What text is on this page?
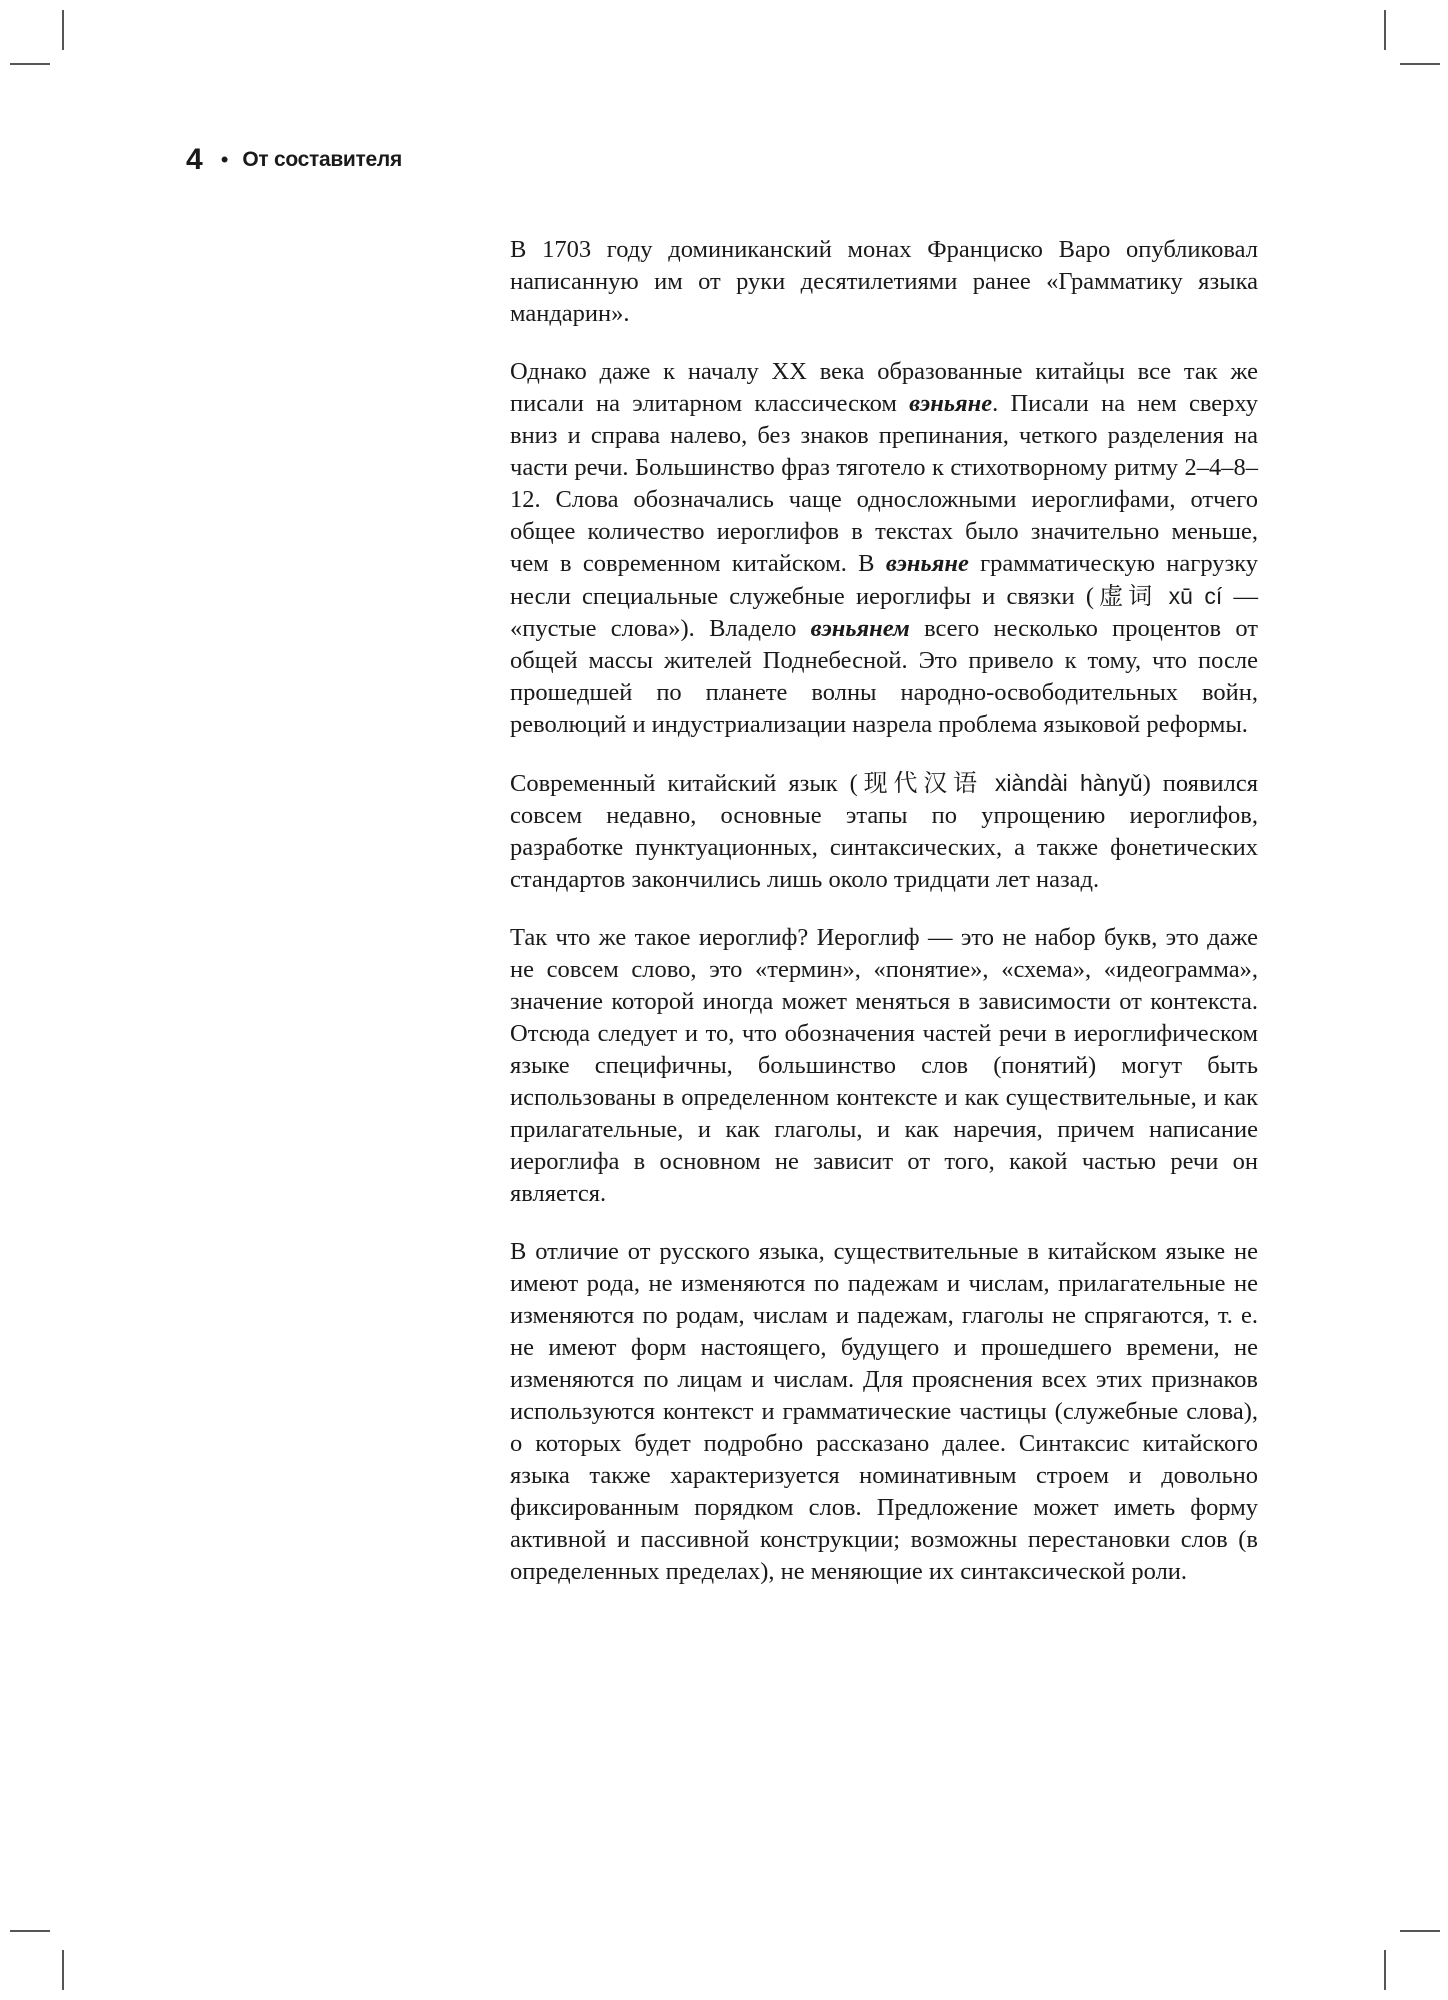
4 • От составителя

В 1703 году доминиканский монах Франциско Варо опубликовал написанную им от руки десятилетиями ранее «Грамматику языка мандарин».

Однако даже к началу XX века образованные китайцы все так же писали на элитарном классическом вэньяне. Писали на нем сверху вниз и справа налево, без знаков препинания, четкого разделения на части речи. Большинство фраз тяготело к стихотворному ритму 2–4–8–12. Слова обозначались чаще односложными иероглифами, отчего общее количество иероглифов в текстах было значительно меньше, чем в современном китайском. В вэньяне грамматическую нагрузку несли специальные служебные иероглифы и связки (虚词 xū cí — «пустые слова»). Владело вэньянем всего несколько процентов от общей массы жителей Поднебесной. Это привело к тому, что после прошедшей по планете волны народно-освободительных войн, революций и индустриализации назрела проблема языковой реформы.

Современный китайский язык (现代汉语 xiàndài hànyǔ) появился совсем недавно, основные этапы по упрощению иероглифов, разработке пунктуационных, синтаксических, а также фонетических стандартов закончились лишь около тридцати лет назад.

Так что же такое иероглиф? Иероглиф — это не набор букв, это даже не совсем слово, это «термин», «понятие», «схема», «идеограмма», значение которой иногда может меняться в зависимости от контекста. Отсюда следует и то, что обозначения частей речи в иероглифическом языке специфичны, большинство слов (понятий) могут быть использованы в определенном контексте и как существительные, и как прилагательные, и как глаголы, и как наречия, причем написание иероглифа в основном не зависит от того, какой частью речи он является.

В отличие от русского языка, существительные в китайском языке не имеют рода, не изменяются по падежам и числам, прилагательные не изменяются по родам, числам и падежам, глаголы не спрягаются, т. е. не имеют форм настоящего, будущего и прошедшего времени, не изменяются по лицам и числам. Для прояснения всех этих признаков используются контекст и грамматические частицы (служебные слова), о которых будет подробно рассказано далее. Синтаксис китайского языка также характеризуется номинативным строем и довольно фиксированным порядком слов. Предложение может иметь форму активной и пассивной конструкции; возможны перестановки слов (в определенных пределах), не меняющие их синтаксической роли.
